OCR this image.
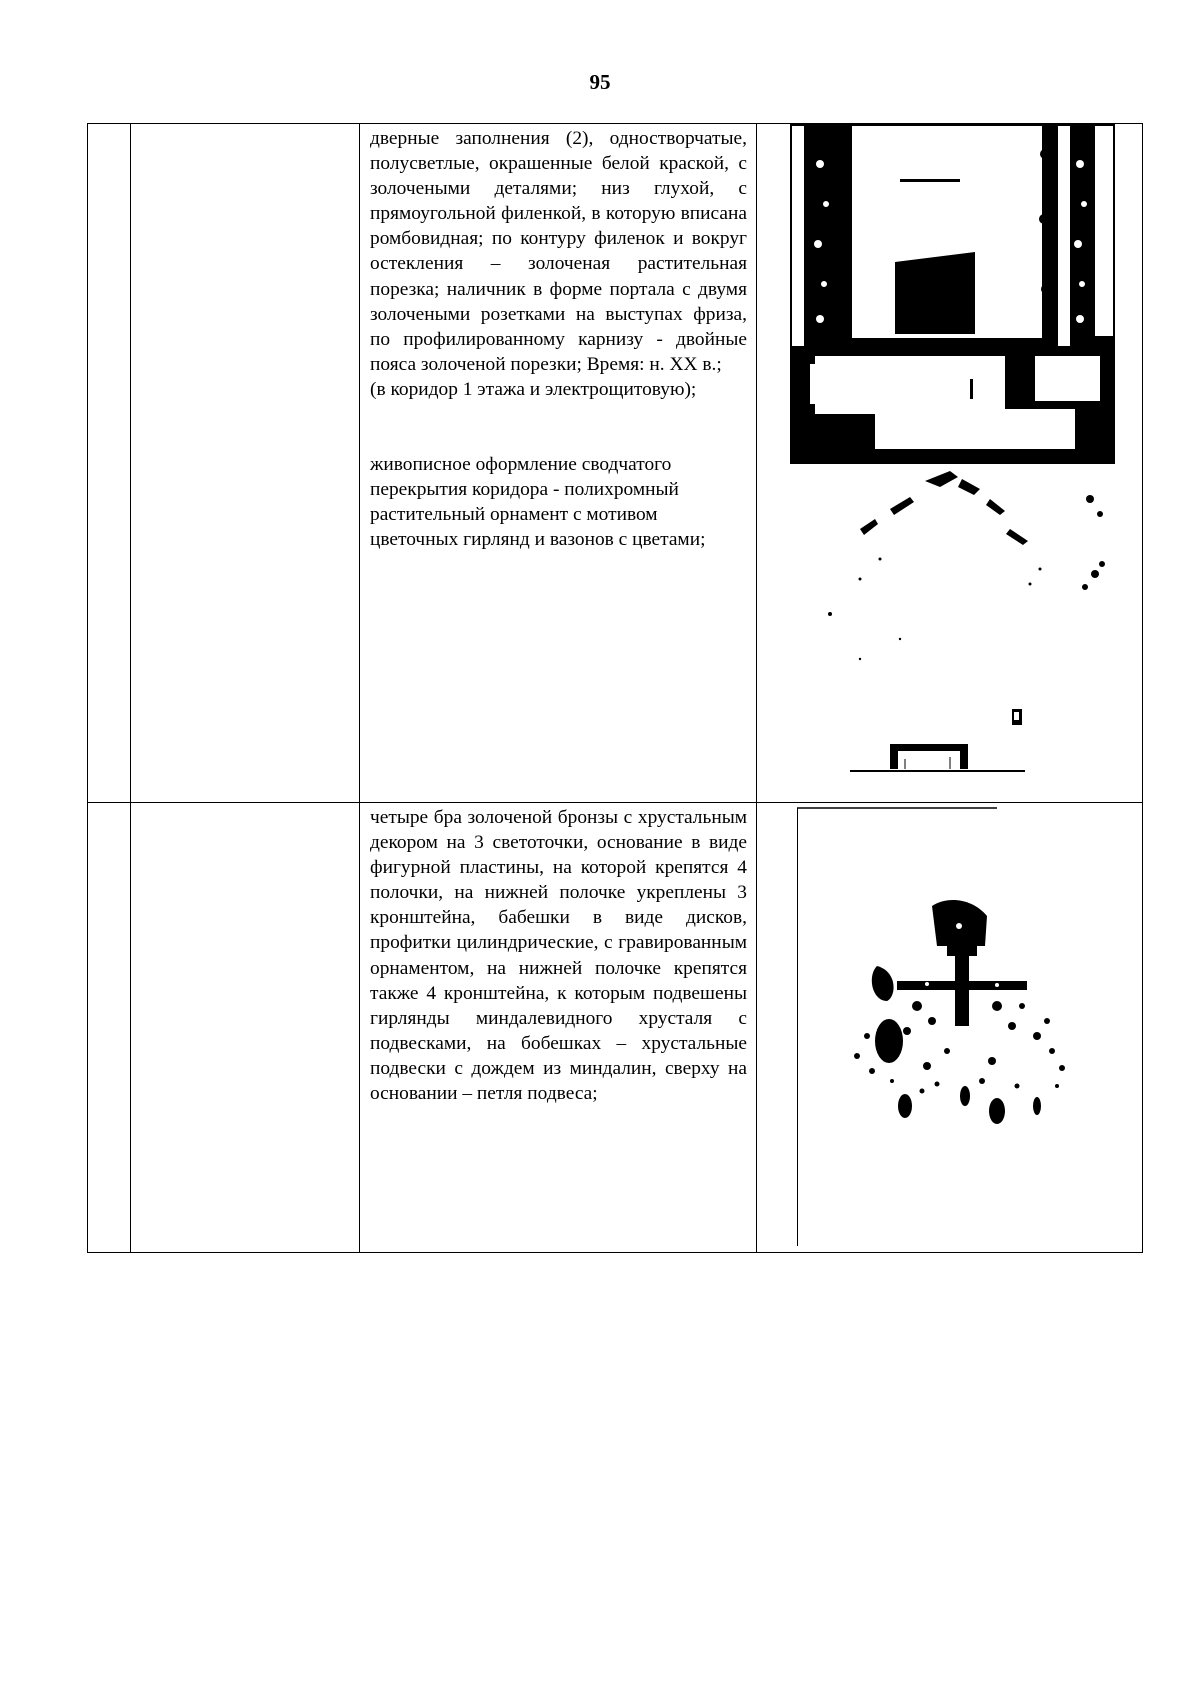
95

		дверные заполнения (2), одностворчатые, полусветлые, окрашенные белой краской, с золочеными деталями; низ глухой, с прямоугольной филенкой, в которую вписана ромбовидная; по контуру филенок и вокруг остекления – золоченая растительная порезка; наличник в форме портала с двумя золочеными розетками на выступах фриза, по профилированному карнизу - двойные пояса золоченой порезки; Время: н. XX в.;

(в коридор 1 этажа и электрощитовую);

живописное оформление сводчатого перекрытия коридора - полихромный растительный орнамент с мотивом цветочных гирлянд и вазонов с цветами;

		четыре бра золоченой бронзы с хрустальным декором на 3 светоточки, основание в виде фигурной пластины, на которой крепятся 4 полочки, на нижней полочке укреплены 3 кронштейна, бабешки в виде дисков, профитки цилиндрические, с гравированным орнаментом, на нижней полочке крепятся также 4 кронштейна, к которым подвешены гирлянды миндалевидного хрусталя с подвесками, на бобешках – хрустальные подвески с дождем из миндалин, сверху на основании – петля подвеса;
